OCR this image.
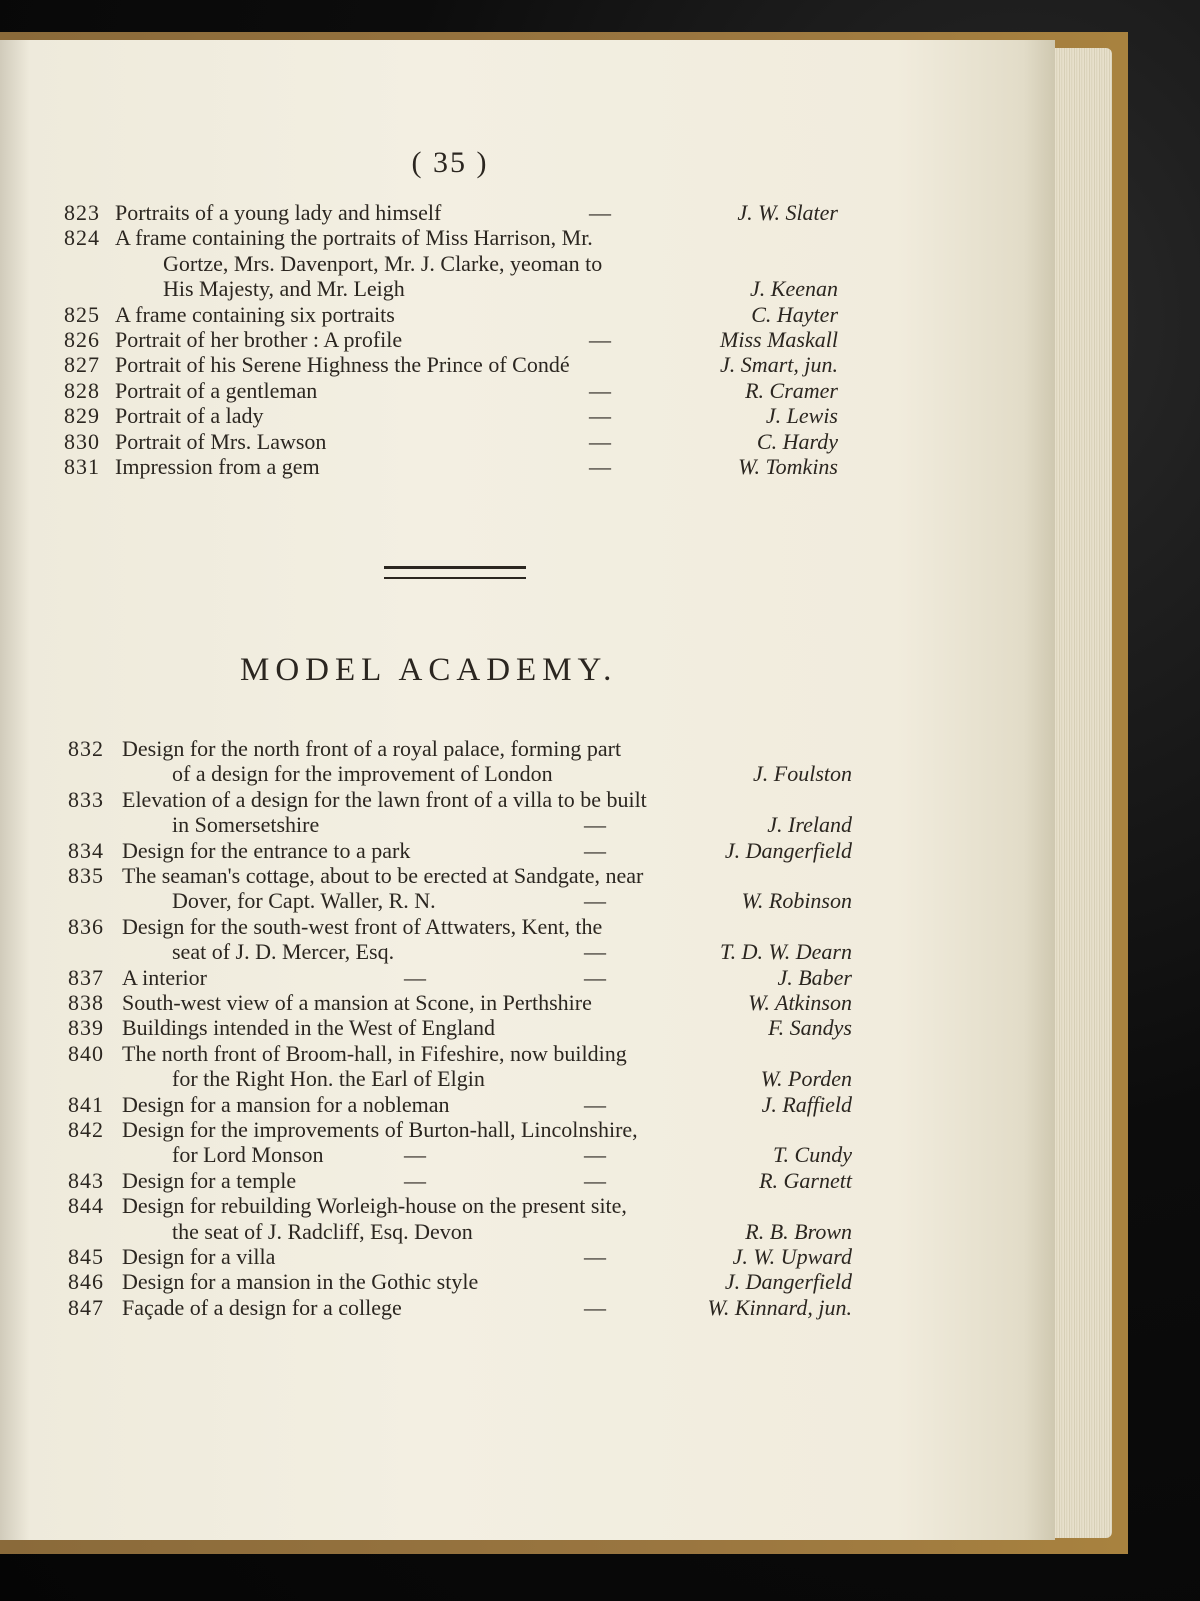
( 35 )
823 Portraits of a young lady and himself	—	J. W. Slater
824 A frame containing the portraits of Miss Harrison, Mr.
Gortze, Mrs. Davenport, Mr. J. Clarke, yeoman to
His Majesty, and Mr. Leigh	J. Keenan
825 A frame containing six portraits	C. Hayter
826 Portrait of her brother : A profile	—	Miss Maskall
827 Portrait of his Serene Highness the Prince of Condé	J. Smart, jun.
828 Portrait of a gentleman	—	R. Cramer
829 Portrait of a lady	—	J. Lewis
830 Portrait of Mrs. Lawson	—	C. Hardy
831 Impression from a gem	—	W. Tomkins
MODEL ACADEMY.
832 Design for the north front of a royal palace, forming part
of a design for the improvement of London	J. Foulston
833 Elevation of a design for the lawn front of a villa to be built
in Somersetshire	—	J. Ireland
834 Design for the entrance to a park	—	J. Dangerfield
835 The seaman's cottage, about to be erected at Sandgate, near
Dover, for Capt. Waller, R. N.	—	W. Robinson
836 Design for the south-west front of Attwaters, Kent, the
seat of J. D. Mercer, Esq.	—	T. D. W. Dearn
837 A interior	—	—	J. Baber
838 South-west view of a mansion at Scone, in Perthshire	W. Atkinson
839 Buildings intended in the West of England	F. Sandys
840 The north front of Broom-hall, in Fifeshire, now building
for the Right Hon. the Earl of Elgin	W. Porden
841 Design for a mansion for a nobleman	—	J. Raffield
842 Design for the improvements of Burton-hall, Lincolnshire,
for Lord Monson	—	—	T. Cundy
843 Design for a temple	—	—	R. Garnett
844 Design for rebuilding Worleigh-house on the present site,
the seat of J. Radcliff, Esq. Devon	R. B. Brown
845 Design for a villa	—	J. W. Upward
846 Design for a mansion in the Gothic style	J. Dangerfield
847 Façade of a design for a college	—	W. Kinnard, jun.
